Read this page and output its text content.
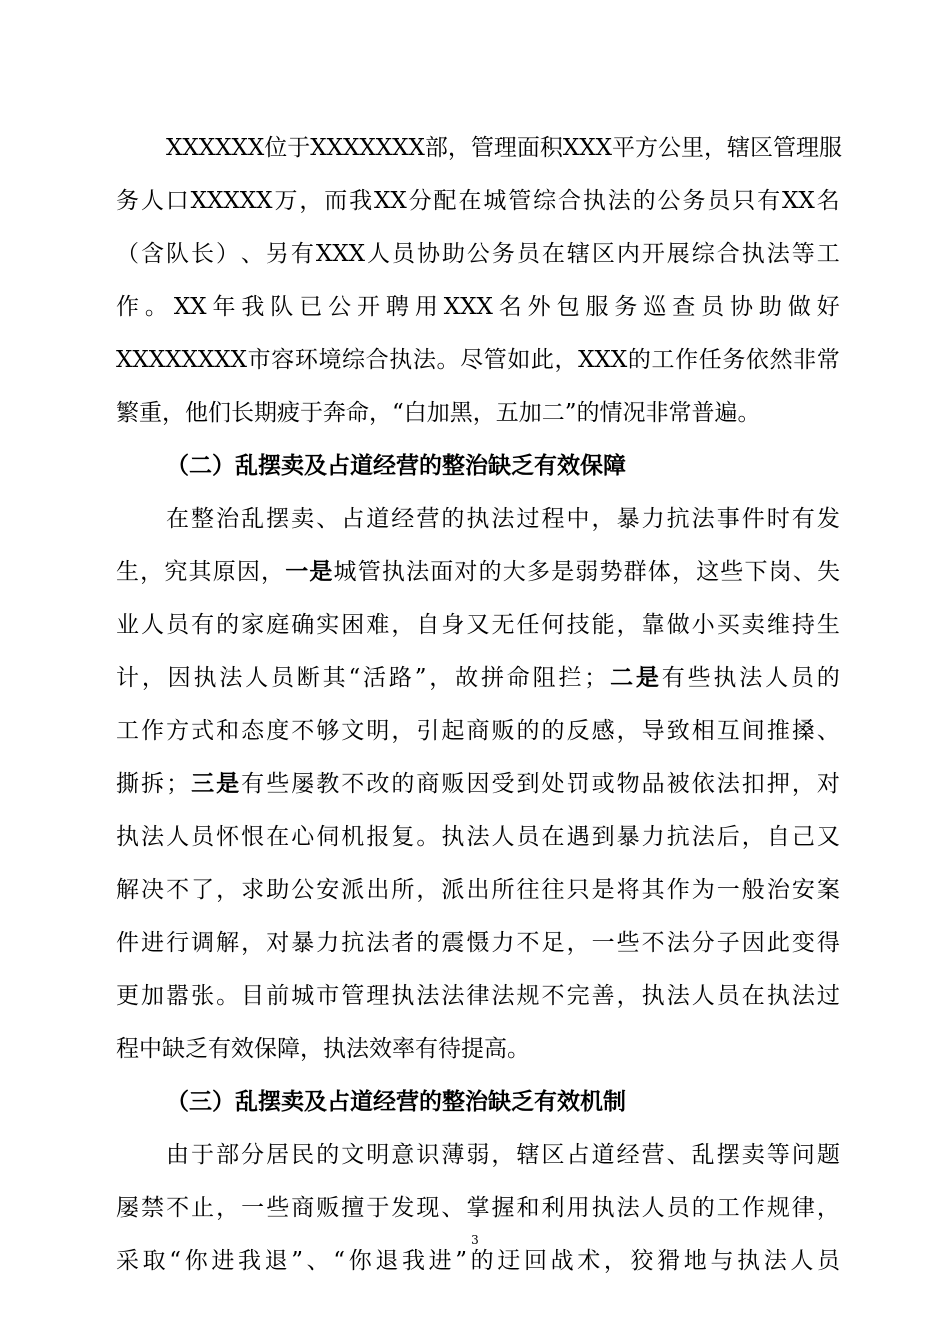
XXXXXX 位 于 XXXXXXX 部 ， 管 理 面 积 XXX 平 方 公 里 ， 辖 区 管 理 服
务 人 口 XXXXX 万 ， 而 我 XX 分 配 在 城 管 综 合 执 法 的 公 务 员 只 有 XX 名
（ 含 队 长 ） 、 另 有 XXX 人 员 协 助 公 务 员 在 辖 区 内 开 展 综 合 执 法 等 工
作 。 XX 年 我 队 已 公 开 聘 用 XXX 名 外 包 服 务 巡 查 员 协 助 做 好
XXXXXXXX 市 容 环 境 综 合 执 法 。 尽 管 如 此 ， XXX 的 工 作 任 务 依 然 非 常
繁 重 ， 他 们 长 期 疲 于 奔 命 ， “ 白 加 黑 ， 五 加 二 ” 的 情 况 非 常 普 遍 。
（ 二 ） 乱 摆 卖 及 占 道 经 营 的 整 治 缺 乏 有 效 保 障
在 整 治 乱 摆 卖 、 占 道 经 营 的 执 法 过 程 中 ， 暴 力 抗 法 事 件 时 有 发
生 ， 究 其 原 因 ， 一 是 城 管 执 法 面 对 的 大 多 是 弱 势 群 体 ， 这 些 下 岗 、 失
业 人 员 有 的 家 庭 确 实 困 难 ， 自 身 又 无 任 何 技 能 ， 靠 做 小 买 卖 维 持 生
计 ， 因 执 法 人 员 断 其 “ 活 路 ” ， 故 拼 命 阻 拦 ； 二 是 有 些 执 法 人 员 的
工 作 方 式 和 态 度 不 够 文 明 ， 引 起 商 贩 的 的 反 感 ， 导 致 相 互 间 推 搡 、
撕 拆 ； 三 是 有 些 屡 教 不 改 的 商 贩 因 受 到 处 罚 或 物 品 被 依 法 扣 押 ， 对
执 法 人 员 怀 恨 在 心 伺 机 报 复 。 执 法 人 员 在 遇 到 暴 力 抗 法 后 ， 自 己 又
解 决 不 了 ， 求 助 公 安 派 出 所 ， 派 出 所 往 往 只 是 将 其 作 为 一 般 治 安 案
件 进 行 调 解 ， 对 暴 力 抗 法 者 的 震 慑 力 不 足 ， 一 些 不 法 分 子 因 此 变 得
更 加 嚣 张 。 目 前 城 市 管 理 执 法 法 律 法 规 不 完 善 ， 执 法 人 员 在 执 法 过
程 中 缺 乏 有 效 保 障 ， 执 法 效 率 有 待 提 高 。
（ 三 ） 乱 摆 卖 及 占 道 经 营 的 整 治 缺 乏 有 效 机 制
由 于 部 分 居 民 的 文 明 意 识 薄 弱 ， 辖 区 占 道 经 营 、 乱 摆 卖 等 问 题
屡 禁 不 止 ， 一 些 商 贩 擅 于 发 现 、 掌 握 和 利 用 执 法 人 员 的 工 作 规 律 ，
采 取 “ 你 进 我 退 ” 、 “ 你 退 我 进 ” 的 迂 回 战 术 ， 狡 猾 地 与 执 法 人 员
3
